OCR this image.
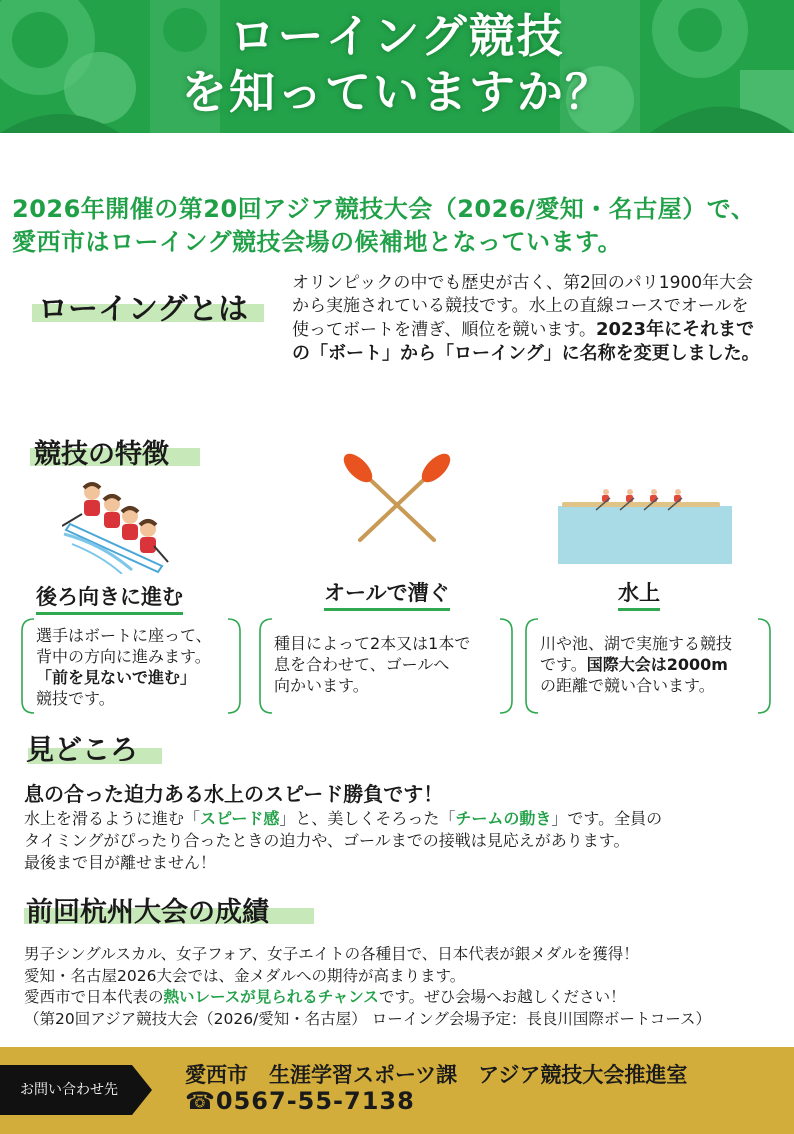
ローイング競技
を知っていますか？
2026年開催の第20回アジア競技大会（2026/愛知・名古屋）で、
愛西市はローイング競技会場の候補地となっています。
ローイングとは
オリンピックの中でも歴史が古く、第2回のパリ1900年大会から実施されている競技です。水上の直線コースでオールを使ってボートを漕ぎ、順位を競います。2023年にそれまでの「ボート」から「ローイング」に名称を変更しました。
競技の特徴
後ろ向きに進む	オールで漕ぐ	水上

選手はボートに座って、
背中の方向に進みます。
「前を見ないで進む」
競技です。

種目によって2本又は1本で
息を合わせて、ゴールへ
向かいます。

川や池、湖で実施する競技
です。国際大会は2000m
の距離で競い合います。

見どころ
息の合った迫力ある水上のスピード勝負です！
水上を滑るように進む「スピード感」と、美しくそろった「チームの動き」です。全員の
タイミングがぴったり合ったときの迫力や、ゴールまでの接戦は見応えがあります。
最後まで目が離せません！
前回杭州大会の成績
男子シングルスカル、女子フォア、女子エイトの各種目で、日本代表が銀メダルを獲得！
愛知・名古屋2026大会では、金メダルへの期待が高まります。
愛西市で日本代表の熱いレースが見られるチャンスです。ぜひ会場へお越しください！
（第20回アジア競技大会（2026/愛知・名古屋） ローイング会場予定：長良川国際ボートコース）
お問い合わせ先
愛西市　生涯学習スポーツ課　アジア競技大会推進室
☎0567-55-7138
